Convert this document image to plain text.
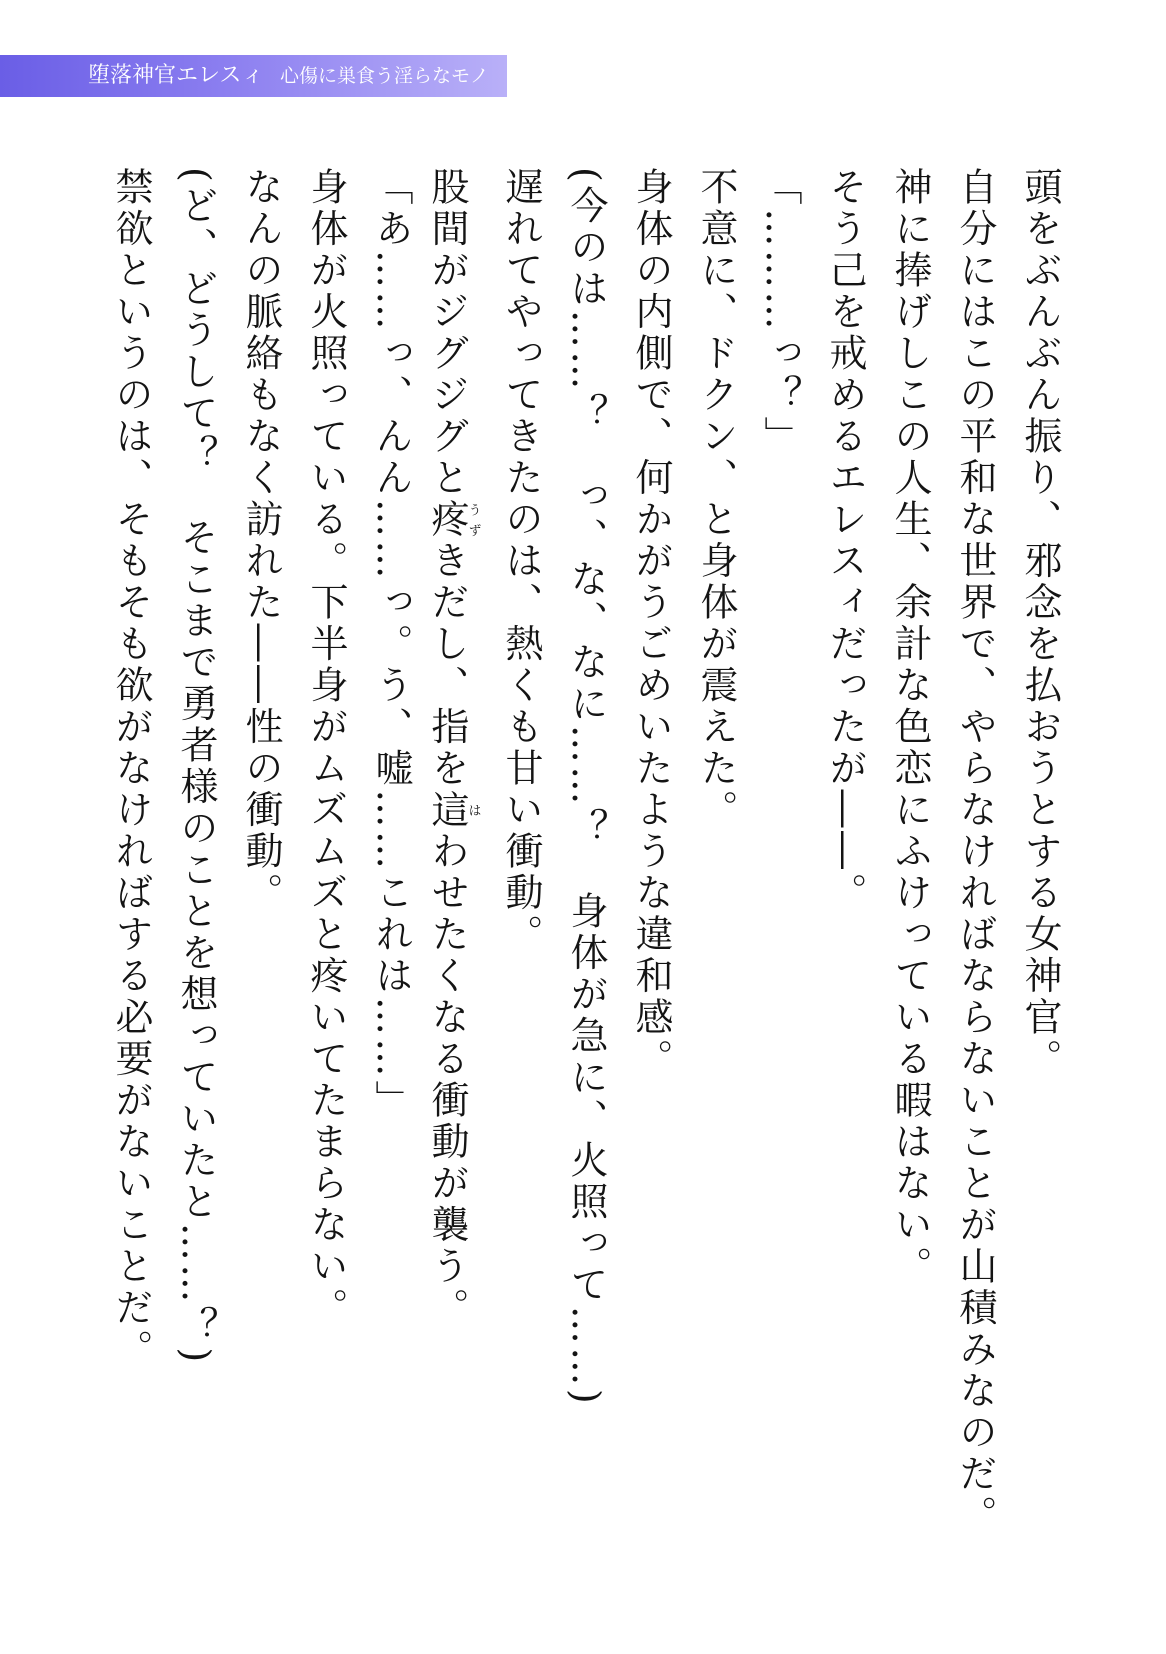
堕落神官エレスィ 心傷に巣食う淫らなモノ
頭をぶんぶん振り、邪念を払おうとする女神官。
自分にはこの平和な世界で、やらなければならないことが山積みなのだ。
神に捧げしこの人生、余計な色恋にふけっている暇はない。
そう己を戒めるエレスィだったが――。
「………っ？」
不意に、ドクン、と身体が震えた。
身体の内側で、何かがうごめいたような違和感。
(今のは……？　っ、な、なに……？　身体が急に、火照って……)
遅れてやってきたのは、熱くも甘い衝動。
股間がジグジグと疼うずきだし、指を這はわせたくなる衝動が襲う。
「あ……っ、んん……っ。う、嘘……これは……」
身体が火照っている。下半身がムズムズと疼いてたまらない。
なんの脈絡もなく訪れた――性の衝動。
(ど、どうして？　そこまで勇者様のことを想っていたと……？)
禁欲というのは、そもそも欲がなければする必要がないことだ。
